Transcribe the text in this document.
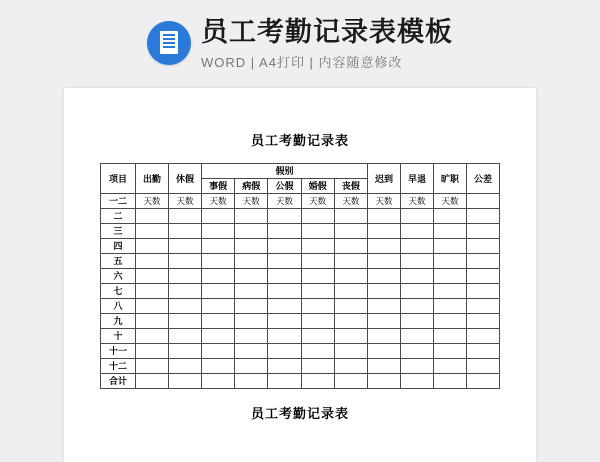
员工考勤记录表模板
WORD | A4打印 | 内容随意修改
员工考勤记录表
项目	出勤	休假	假别					迟到	早退	旷职	公差
			事假	病假	公假	婚假	丧假				
一二	天数	天数	天数	天数	天数	天数	天数	天数	天数	天数	
二											
三											
四											
五											
六											
七											
八											
九											
十											
十一											
十二											
合计											
员工考勤记录表
